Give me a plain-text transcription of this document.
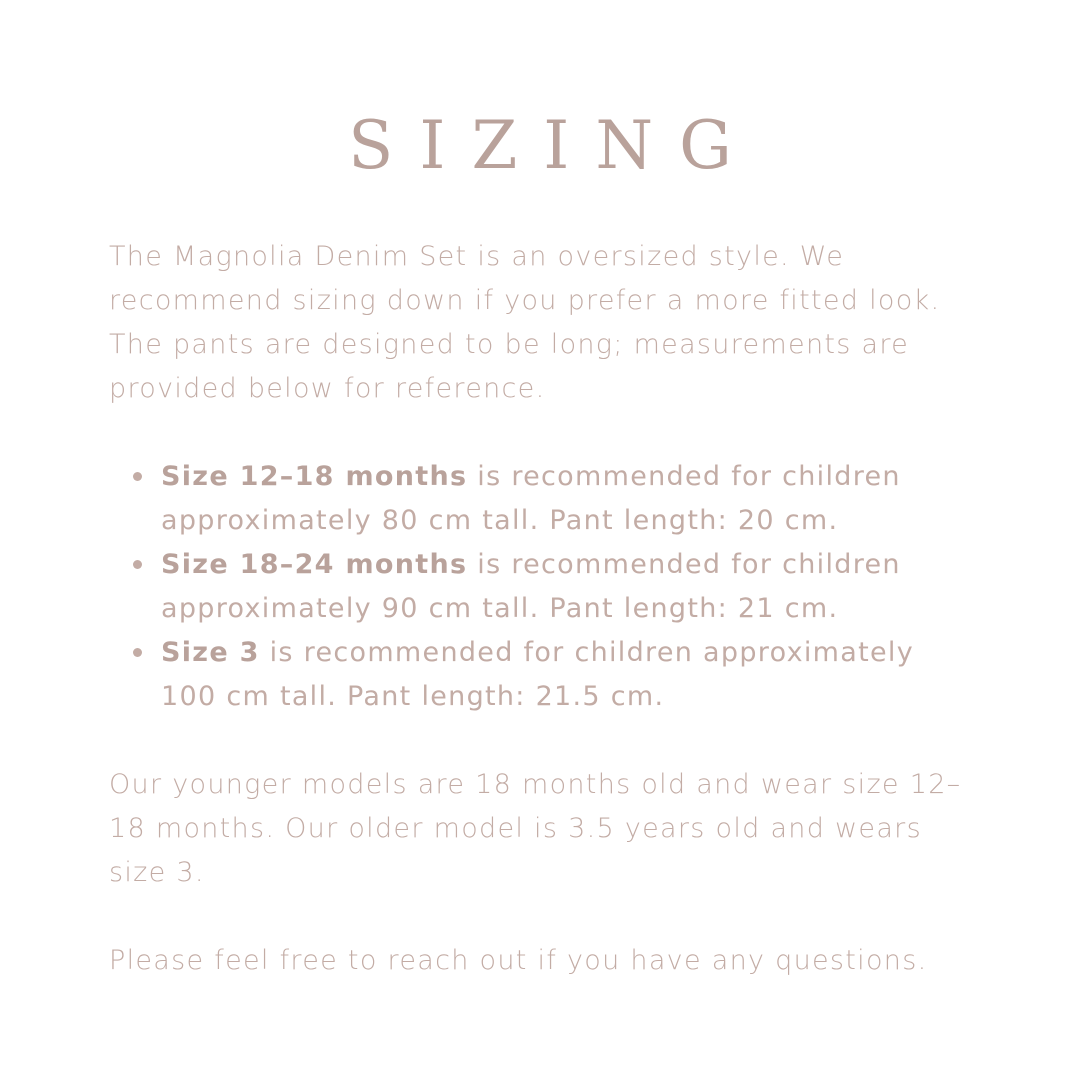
SIZING

The Magnolia Denim Set is an oversized style. We recommend sizing down if you prefer a more fitted look. The pants are designed to be long; measurements are provided below for reference.

Size 12–18 months is recommended for children
approximately 80 cm tall. Pant length: 20 cm.
Size 18–24 months is recommended for children
approximately 90 cm tall. Pant length: 21 cm.
Size 3 is recommended for children approximately
100 cm tall. Pant length: 21.5 cm.

Our younger models are 18 months old and wear size 12–18 months. Our older model is 3.5 years old and wears size 3.

Please feel free to reach out if you have any questions.
